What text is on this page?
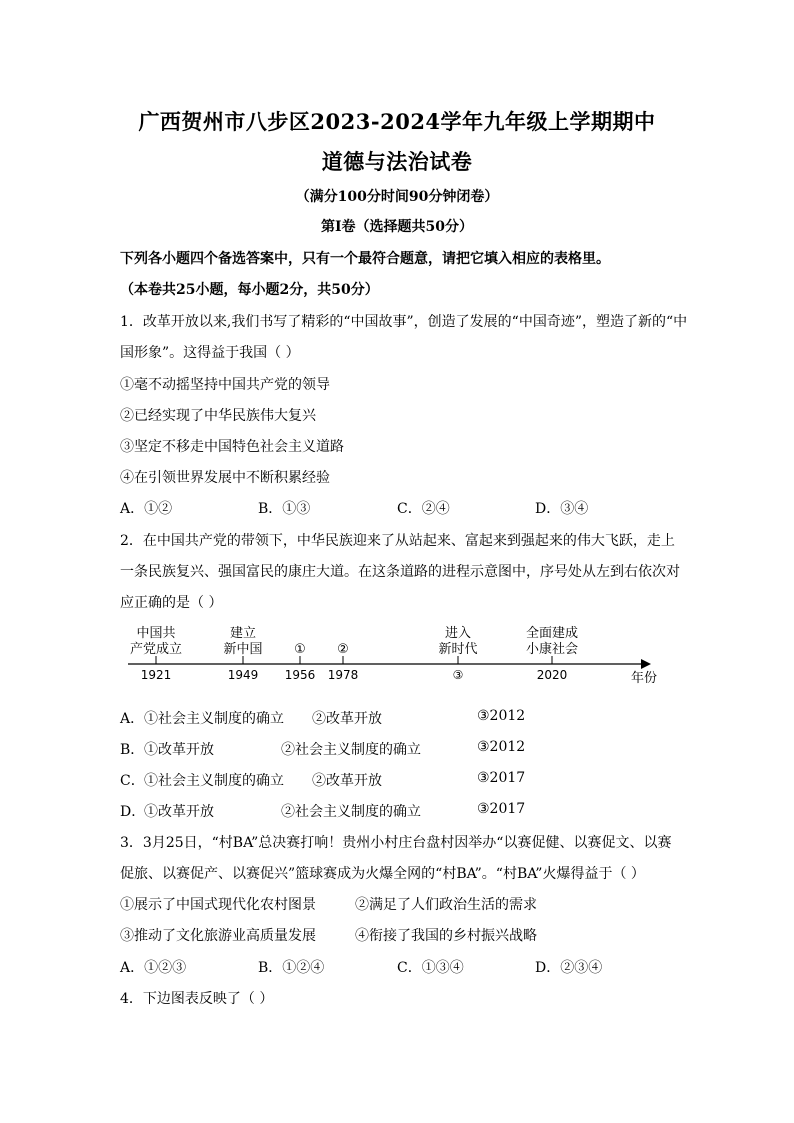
广西贺州市八步区2023-2024学年九年级上学期期中
道德与法治试卷
（满分100分时间90分钟闭卷）
第Ⅰ卷（选择题共50分）
下列各小题四个备选答案中，只有一个最符合题意，请把它填入相应的表格里。
（本卷共25小题，每小题2分，共50分）
1．改革开放以来,我们书写了精彩的“中国故事”，创造了发展的“中国奇迹”，塑造了新的“中
国形象”。这得益于我国（ ）
①毫不动摇坚持中国共产党的领导
②已经实现了中华民族伟大复兴
③坚定不移走中国特色社会主义道路
④在引领世界发展中不断积累经验
A．①②	B．①③	C．②④	D．③④
2．在中国共产党的带领下，中华民族迎来了从站起来、富起来到强起来的伟大飞跃，走上
一条民族复兴、强国富民的康庄大道。在这条道路的进程示意图中，序号处从左到右依次对
应正确的是（ ）
中国共
产党成立
1921
建立
新中国
1949
①
1956
②
1978
进入
新时代
③
全面建成
小康社会
2020	年份
A． ①社会主义制度的确立 ②改革开放	③2012
B． ①改革开放	②社会主义制度的确立	③2012
C． ①社会主义制度的确立 ②改革开放	③2017
D．
①改革开放	②社会主义制度的确立	③2017
3．3月25日，“村BA”总决赛打响！贵州小村庄台盘村因举办“以赛促健、以赛促文、以赛
促旅、以赛促产、以赛促兴”篮球赛成为火爆全网的“村BA”。“村BA”火爆得益于（ ）
①展示了中国式现代化农村图景	②满足了人们政治生活的需求
③推动了文化旅游业高质量发展	④衔接了我国的乡村振兴战略
A．①②③	B．①②④	C．①③④	D．②③④
4．下边图表反映了（ ）
